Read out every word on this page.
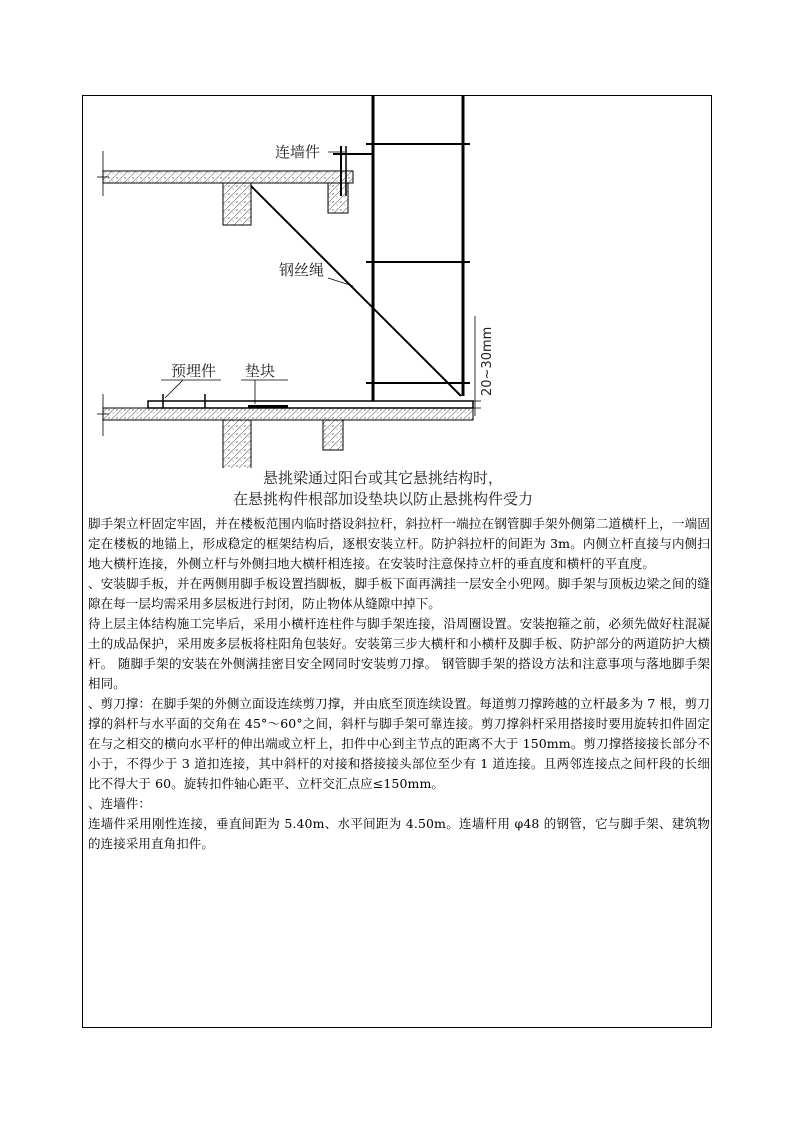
20~30mm
连墙件
钢丝绳
预埋件 垫块
悬挑梁通过阳台或其它悬挑结构时，
在悬挑构件根部加设垫块以防止悬挑构件受力

脚手架立杆固定牢固，并在楼板范围内临时搭设斜拉杆，斜拉杆一端拉在钢管脚手架外侧第二道横杆上，一端固定在楼板的地锚上，形成稳定的框架结构后，逐根安装立杆。防护斜拉杆的间距为 3m。内侧立杆直接与内侧扫地大横杆连接，外侧立杆与外侧扫地大横杆相连接。在安装时注意保持立杆的垂直度和横杆的平直度。

、安装脚手板，并在两侧用脚手板设置挡脚板，脚手板下面再满挂一层安全小兜网。脚手架与顶板边梁之间的缝隙在每一层均需采用多层板进行封闭，防止物体从缝隙中掉下。

待上层主体结构施工完毕后，采用小横杆连柱件与脚手架连接，沿周圈设置。安装抱箍之前，必须先做好柱混凝土的成品保护，采用废多层板将柱阳角包装好。安装第三步大横杆和小横杆及脚手板、防护部分的两道防护大横杆。 随脚手架的安装在外侧满挂密目安全网同时安装剪刀撑。 钢管脚手架的搭设方法和注意事项与落地脚手架相同。

、剪刀撑：在脚手架的外侧立面设连续剪刀撑，并由底至顶连续设置。每道剪刀撑跨越的立杆最多为 7 根，剪刀撑的斜杆与水平面的交角在 45°～60°之间，斜杆与脚手架可靠连接。剪刀撑斜杆采用搭接时要用旋转扣件固定在与之相交的横向水平杆的伸出端或立杆上，扣件中心到主节点的距离不大于 150mm。剪刀撑搭接接长部分不小于，不得少于 3 道扣连接，其中斜杆的对接和搭接接头部位至少有 1 道连接。且两邻连接点之间杆段的长细比不得大于 60。旋转扣件轴心距平、立杆交汇点应≤150mm。

、连墙件：

连墙件采用刚性连接，垂直间距为 5.40m、水平间距为 4.50m。连墙杆用 φ48 的钢管，它与脚手架、建筑物的连接采用直角扣件。
